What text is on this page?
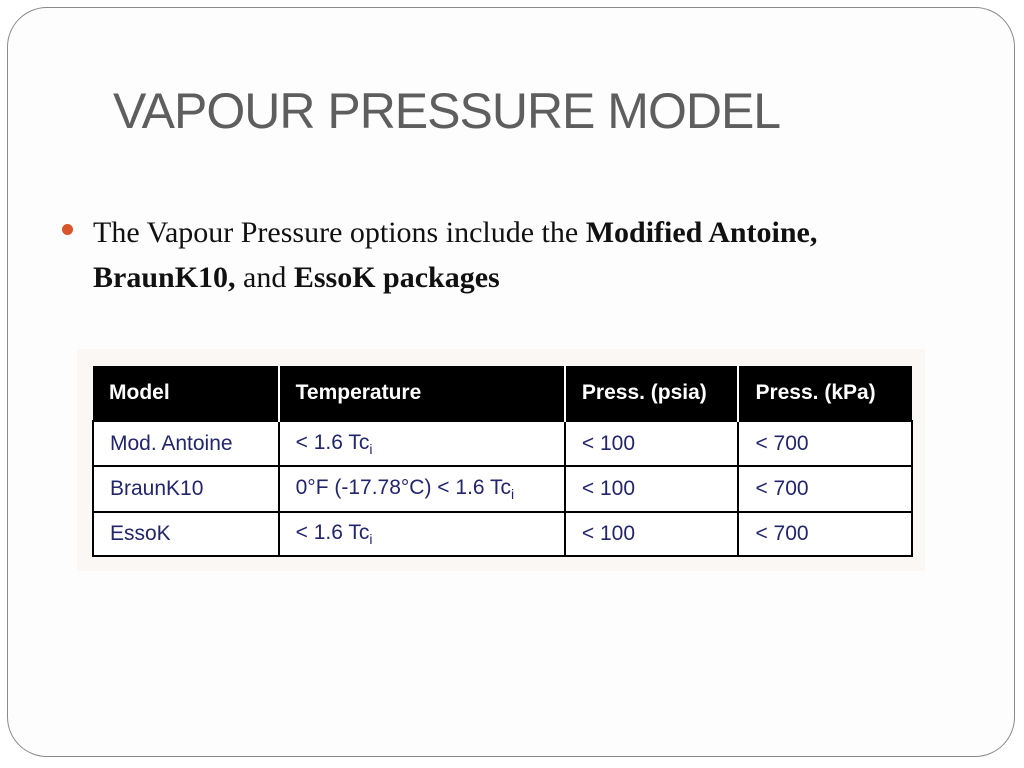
VAPOUR PRESSURE MODEL
The Vapour Pressure options include the Modified Antoine,
BraunK10, and EssoK packages
Model	Temperature	Press. (psia)	Press. (kPa)
Mod. Antoine	< 1.6 $Tc_i$	< 100	< 700
BraunK10	0°F (-17.78°C) < 1.6 $Tc_i$	< 100	< 700
EssoK	< 1.6 $Tc_i$	< 100	< 700
